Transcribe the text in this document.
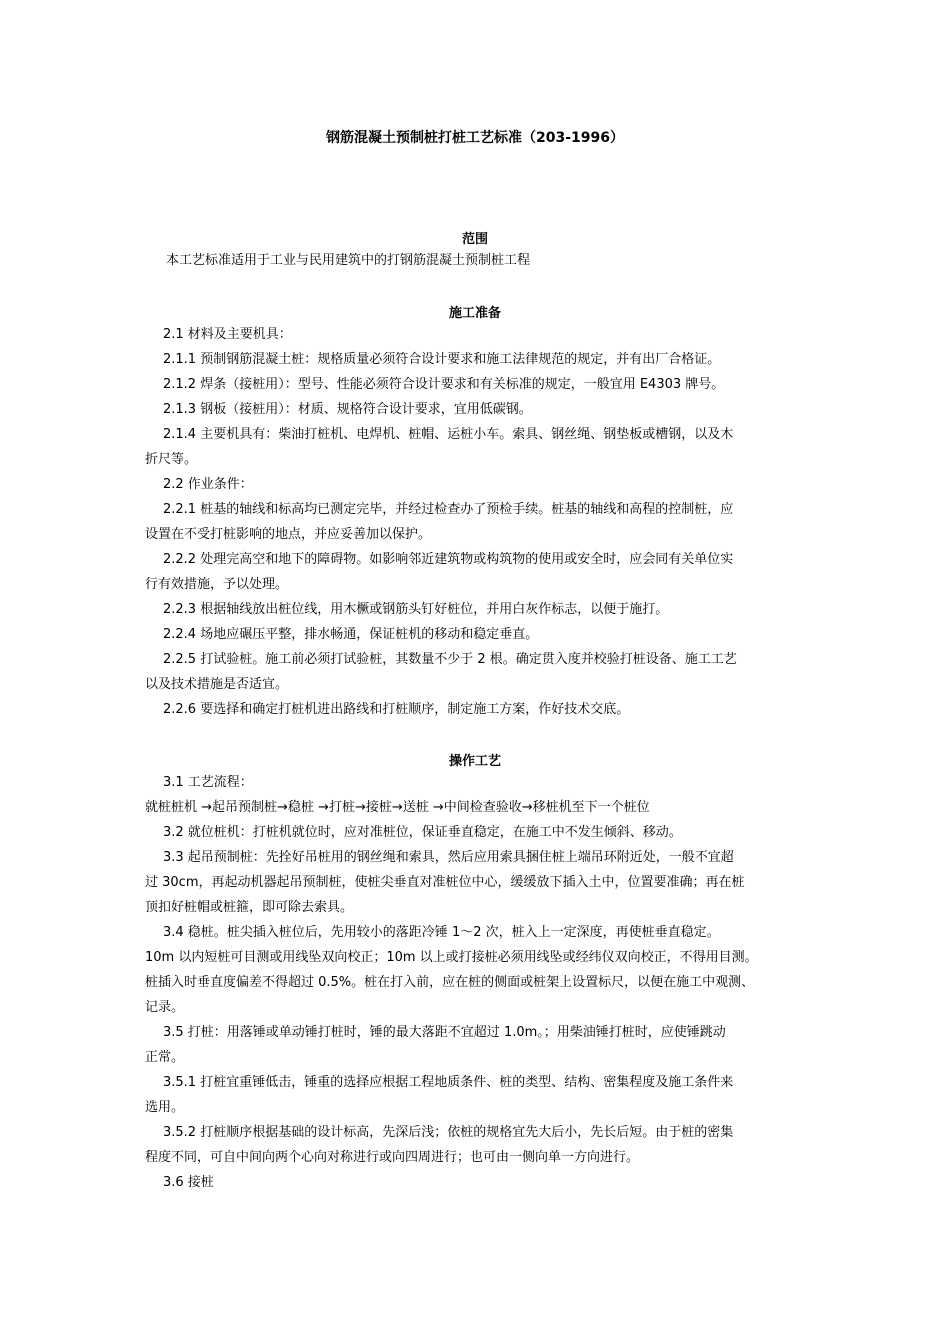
钢筋混凝土预制桩打桩工艺标准（203-1996）
范围
本工艺标准适用于工业与民用建筑中的打钢筋混凝土预制桩工程
施工准备
2.1 材料及主要机具：
2.1.1 预制钢筋混凝土桩：规格质量必须符合设计要求和施工法律规范的规定，并有出厂合格证。
2.1.2 焊条（接桩用）：型号、性能必须符合设计要求和有关标准的规定，一般宜用 E4303 牌号。
2.1.3 钢板（接桩用）：材质、规格符合设计要求，宜用低碳钢。
2.1.4 主要机具有：柴油打桩机、电焊机、桩帽、运桩小车。索具、钢丝绳、钢垫板或槽钢，以及木
折尺等。
2.2 作业条件：
2.2.1 桩基的轴线和标高均已测定完毕，并经过检查办了预检手续。桩基的轴线和高程的控制桩，应
设置在不受打桩影响的地点，并应妥善加以保护。
2.2.2 处理完高空和地下的障碍物。如影响邻近建筑物或构筑物的使用或安全时，应会同有关单位实
行有效措施，予以处理。
2.2.3 根据轴线放出桩位线，用木橛或钢筋头钉好桩位，并用白灰作标志，以便于施打。
2.2.4 场地应碾压平整，排水畅通，保证桩机的移动和稳定垂直。
2.2.5 打试验桩。施工前必须打试验桩，其数量不少于 2 根。确定贯入度并校验打桩设备、施工工艺
以及技术措施是否适宜。
2.2.6 要选择和确定打桩机进出路线和打桩顺序，制定施工方案，作好技术交底。
操作工艺
3.1 工艺流程：
就桩桩机 →起吊预制桩→稳桩 →打桩→接桩→送桩 →中间检查验收→移桩机至下一个桩位
3.2 就位桩机：打桩机就位时，应对准桩位，保证垂直稳定，在施工中不发生倾斜、移动。
3.3 起吊预制桩：先拴好吊桩用的钢丝绳和索具，然后应用索具捆住桩上端吊环附近处，一般不宜超
过 30cm，再起动机器起吊预制桩，使桩尖垂直对准桩位中心，缓缓放下插入土中，位置要准确；再在桩
顶扣好桩帽或桩箍，即可除去索具。
3.4 稳桩。桩尖插入桩位后，先用较小的落距冷锤 1～2 次，桩入上一定深度，再使桩垂直稳定。
10m 以内短桩可目测或用线坠双向校正；10m 以上或打接桩必须用线坠或经纬仪双向校正，不得用目测。
桩插入时垂直度偏差不得超过 0.5%。桩在打入前，应在桩的侧面或桩架上设置标尺，以便在施工中观测、
记录。
3.5 打桩：用落锤或单动锤打桩时，锤的最大落距不宜超过 1.0m。；用柴油锤打桩时，应使锤跳动
正常。
3.5.1 打桩宜重锤低击，锤重的选择应根据工程地质条件、桩的类型、结构、密集程度及施工条件来
选用。
3.5.2 打桩顺序根据基础的设计标高，先深后浅；依桩的规格宜先大后小，先长后短。由于桩的密集
程度不同，可自中间向两个心向对称进行或向四周进行；也可由一侧向单一方向进行。
3.6 接桩
